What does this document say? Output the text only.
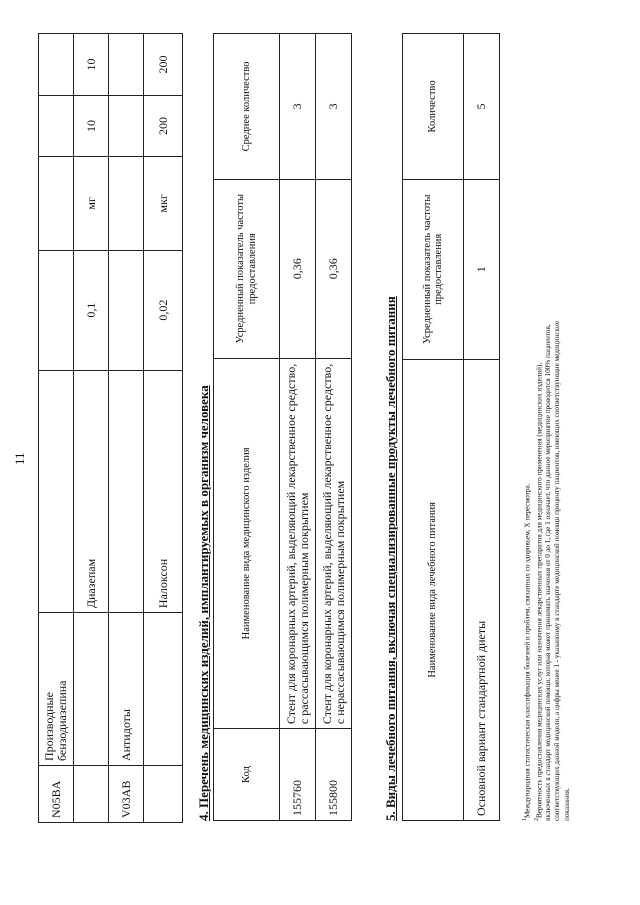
11
N05BA	Производные бензодиазепина					
		Диазепам	0,1	мг	10	10
V03AB	Антидоты					
		Налоксон	0,02	мкг	200	200
4. Перечень медицинских изделий, имплантируемых в организм человека	Код	Наименование вида медицинского изделия	Усредненный показатель частоты предоставления	Среднее количество
155760	Стент для коронарных артерий, выделяющий лекарственное средство, с рассасывающимся полимерным покрытием	0,36	3
155800	Стент для коронарных артерий, выделяющий лекарственное средство, с нерассасывающимся полимерным покрытием	0,36	3
5. Виды лечебного питания, включая специализированные продукты лечебного питания	Наименование вида лечебного питания	Усредненный показатель частоты предоставления	Количество
Основной вариант стандартной диеты	1	5
$^1$Международная статистическая классификация болезней и проблем, связанных со здоровьем, X пересмотра.
$^2$Вероятность предоставления медицинских услуг или назначения лекарственных препаратов для медицинского применения (медицинских изделий), включенных в стандарт медицинской помощи, которая может принимать значения от 0 до 1, где 1 означает, что данное мероприятие проводится 100% пациентов, соответствующих данной модели, а цифры менее 1 - указанному в стандарте медицинской помощи проценту пациентов, имеющих соответствующие медицинские показания.
